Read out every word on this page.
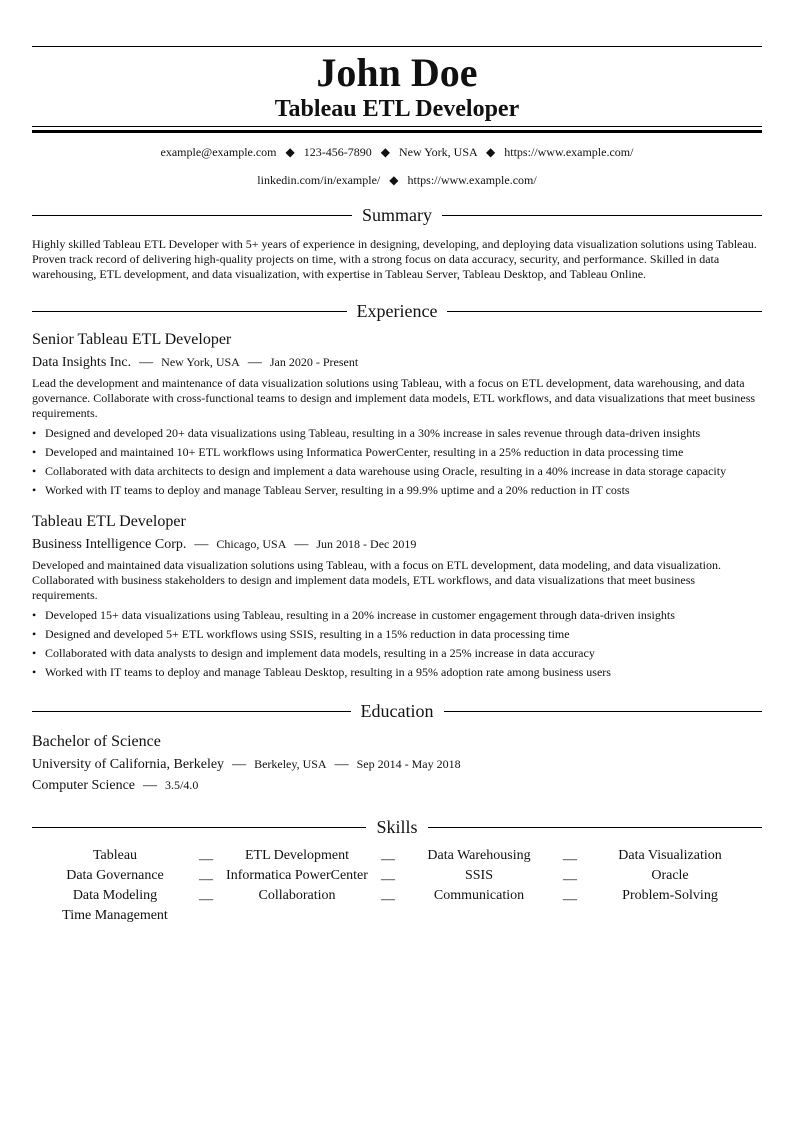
John Doe
Tableau ETL Developer
example@example.com ◆ 123-456-7890 ◆ New York, USA ◆ https://www.example.com/
linkedin.com/in/example/ ◆ https://www.example.com/
Summary
Highly skilled Tableau ETL Developer with 5+ years of experience in designing, developing, and deploying data visualization solutions using Tableau. Proven track record of delivering high-quality projects on time, with a strong focus on data accuracy, security, and performance. Skilled in data warehousing, ETL development, and data visualization, with expertise in Tableau Server, Tableau Desktop, and Tableau Online.
Experience
Senior Tableau ETL Developer
Data Insights Inc. — New York, USA — Jan 2020 - Present
Lead the development and maintenance of data visualization solutions using Tableau, with a focus on ETL development, data warehousing, and data governance. Collaborate with cross-functional teams to design and implement data models, ETL workflows, and data visualizations that meet business requirements.
• Designed and developed 20+ data visualizations using Tableau, resulting in a 30% increase in sales revenue through data-driven insights
• Developed and maintained 10+ ETL workflows using Informatica PowerCenter, resulting in a 25% reduction in data processing time
• Collaborated with data architects to design and implement a data warehouse using Oracle, resulting in a 40% increase in data storage capacity
• Worked with IT teams to deploy and manage Tableau Server, resulting in a 99.9% uptime and a 20% reduction in IT costs
Tableau ETL Developer
Business Intelligence Corp. — Chicago, USA — Jun 2018 - Dec 2019
Developed and maintained data visualization solutions using Tableau, with a focus on ETL development, data modeling, and data visualization. Collaborated with business stakeholders to design and implement data models, ETL workflows, and data visualizations that meet business requirements.
• Developed 15+ data visualizations using Tableau, resulting in a 20% increase in customer engagement through data-driven insights
• Designed and developed 5+ ETL workflows using SSIS, resulting in a 15% reduction in data processing time
• Collaborated with data analysts to design and implement data models, resulting in a 25% increase in data accuracy
• Worked with IT teams to deploy and manage Tableau Desktop, resulting in a 95% adoption rate among business users
Education
Bachelor of Science
University of California, Berkeley — Berkeley, USA — Sep 2014 - May 2018
Computer Science — 3.5/4.0
Skills
Tableau	—	ETL Development	—	Data Warehousing	—	Data Visualization
Data Governance	— Informatica PowerCenter —	SSIS	—	Oracle
Data Modeling	—	Collaboration	—	Communication	—	Problem-Solving
Time Management
